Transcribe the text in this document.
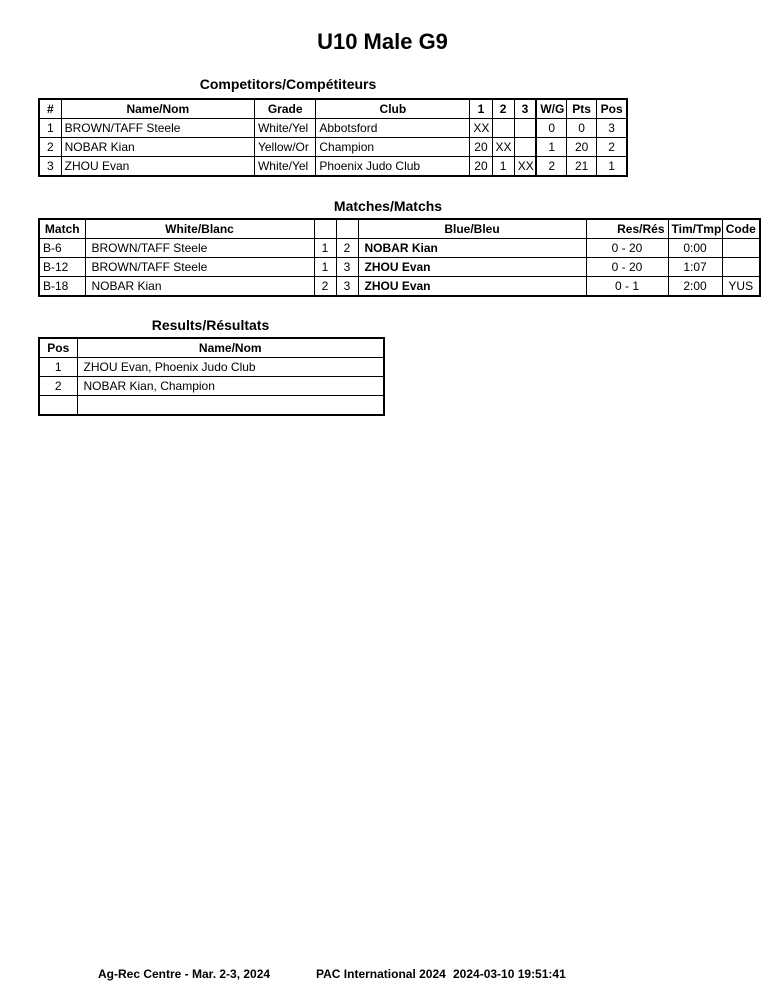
U10 Male G9
Competitors/Compétiteurs
#	Name/Nom	Grade	Club	1	2	3	W/G	Pts	Pos
1	BROWN/TAFF Steele	White/Yel	Abbotsford	XX			0	0	3
2	NOBAR Kian	Yellow/Or	Champion	20	XX		1	20	2
3	ZHOU Evan	White/Yel	Phoenix Judo Club	20	1	XX	2	21	1
Matches/Matchs
Match	White/Blanc			Blue/Bleu	Res/Rés	Tim/Tmp	Code
B-6	BROWN/TAFF Steele	1	2	NOBAR Kian	0 - 20	0:00	
B-12	BROWN/TAFF Steele	1	3	ZHOU Evan	0 - 20	1:07	
B-18	NOBAR Kian	2	3	ZHOU Evan	0 - 1	2:00	YUS
Results/Résultats
Pos	Name/Nom
1	ZHOU Evan, Phoenix Judo Club
2	NOBAR Kian, Champion

Ag-Rec Centre - Mar. 2-3, 2024	PAC International 2024 2024-03-10 19:51:41
